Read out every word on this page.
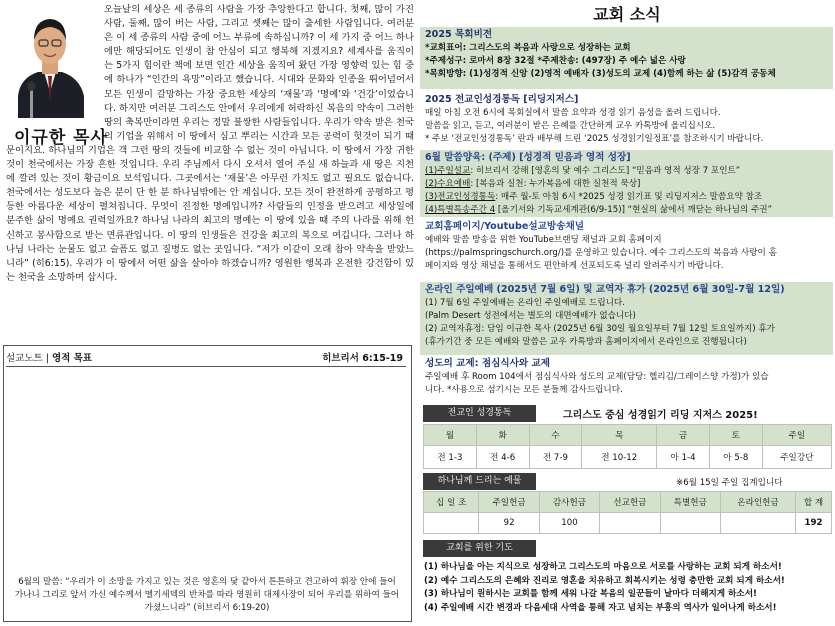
오늘날의 세상은 세 종류의 사람을 가장 추앙한다고 합니다. 첫째, 많이 가진 사람, 둘째, 많이 버는 사람, 그리고 셋째는 많이 출세한 사람입니다. 여러분은 이 세 종류의 사람 중에 어느 부류에 속하십니까? 이 세 가지 중 어느 하나에만 해당되어도 인생이 참 안심이 되고 행복해 지겠지요? 세계사를 움직이는 5가지 힘이란 책에 보면 인간 세상을 움직여 왔던 가장 영향력 있는 힘 중에 하나가 “인간의 욕망”이라고 했습니다. 시대와 문화와 인종을 뛰어넘어서 모든 인생이 갈망하는 가장 중요한 세상의 ‘재물’과 ‘명예’와 ‘건강’이었습니다. 하지만 여러분 그리스도 안에서 우리에게 허락하신 복음의 약속이 그러한 땅의 축복만이라면 우리는 정말 불쌍한 사람들입니다. 우리가 약속 받은 천국의 기업을 위해서 이 땅에서 심고 뿌리는 시간과 모든 공력이 헛것이 되기 때문이지요. 하나님의 기업은 객 그런 땅의 것들에 비교할 수 없는 것이 아닙니다. 이 땅에서 가장 귀한 것이 천국에서는 가장 흔한 것입니다. 우리 주님께서 다시 오셔서 열어 주실 새 하늘과 새 땅은 지천에 깔려 있는 것이 황금이요 보석입니다. 그곳에서는 ‘재물’은 아무런 가치도 없고 필요도 없습니다. 천국에서는 성도보다 높은 분이 단 한 분 하나님밖에는 안 계십니다. 모든 것이 완전하게 공평하고 평등한 아름다운 세상이 펼쳐집니다. 무엇이 진정한 명예입니까? 사람들의 인정을 받으려고 세상일에 분주한 삶이 명예요 권력일까요? 하나님 나라의 최고의 명예는 이 땅에 있을 때 주의 나라를 위해 헌신하고 봉사함으로 받는 면류관입니다. 이 땅의 인생들은 건강을 최고의 복으로 여깁니다. 그러나 하나님 나라는 눈물도 없고 슬픔도 없고 질병도 없는 곳입니다. “저가 이같이 오래 참아 약속을 받았느니라” (히6:15). 우리가 이 땅에서 어떤 삶을 살아야 하겠습니까? 영원한 행복과 온전한 강건함이 있는 천국을 소망하며 삽시다.
이규한 목사
설교노트 | 영적 목표	히브리서 6:15-19
6월의 말씀: “우리가 이 소망을 가지고 있는 것은 영혼의 닻 같아서 튼튼하고 견고하여 휘장 안에 들어 가나니 그리로 앞서 가신 예수께서 멜기세덱의 반차를 따라 영원히 대제사장이 되어 우리를 위하여 들어 가셨느니라” (히브리서 6:19-20)
교회 소식
2025 목회비전
*교회표어: 그리스도의 복음과 사랑으로 성장하는 교회
*주제성구: 로마서 8장 32절 *주제찬송: (497장) 주 예수 넓은 사랑
*목회방향: (1)성경적 신앙 (2)영적 예배자 (3)성도의 교제 (4)함께 하는 삶 (5)감격 공동체
2025 전교인성경통독 [리딩지저스]
매일 아침 오전 6시에 목회실에서 말씀 요약과 성경 읽기 음성을 올려 드립니다.
말씀을 읽고, 듣고, 여러분이 받은 은혜를 간단하게 교우 카톡방에 올리십시오.
* 주보 ‘전교인성경통독’ 란과 배부해 드린 ‘2025 성경읽기일정표’를 참조하시기 바랍니다.
6월 말씀양육: (주제) [성경적 믿음과 영적 성장]
(1)주일설교: 히브리서 강해 [영혼의 닻 예수 그리스도] “믿음과 영적 성장 7 포인트”
(2)수요예배: [복음과 실천: 누가복음에 대한 실천적 묵상]
(3)전교인성경통독: 매주 월-토 아침 6시 *2025 성경 읽기표 및 리딩지저스 말씀요약 참조
(4)특별특송주간 4 [올기서와 기독교세계관(6/9-15)] “현실의 삶에서 깨닫는 하나님의 주권”
교회홈페이지/Youtube설교방송채널
예배와 말씀 방송을 위한 YouTube브랜딩 채널과 교회 홈페이지
(https://palmspringschurch.org/)를 운영하고 있습니다. 예수 그리스도의 복음과 사랑이 홈
페이지와 영상 채널을 통해서도 편안하게 선포되도록 널리 알려주시기 바랍니다.
온라인 주일예배 (2025년 7월 6일) 및 교역자 휴가 (2025년 6월 30일-7월 12일)
(1) 7월 6일 주일예배는 온라인 주일예배로 드립니다.
(Palm Desert 성전에서는 별도의 대면예배가 없습니다)
(2) 교역자휴정: 담임 이규한 목사 (2025년 6월 30일 월요일부터 7월 12일 토요일까지) 휴가
(휴가기간 중 모든 예배와 말씀은 교우 카톡방과 홈페이지에서 온라인으로 진행됩니다)
성도의 교제: 점심식사와 교제
주일예배 후 Room 104에서 점심식사와 성도의 교제(담당: 헬리김/그레이스양 가정)가 있습
니다. *사용으로 섬기시는 모든 분들께 감사드립니다.
전교인 성경통독	그리스도 중심 성경읽기 리딩 지저스 2025!
월	화	수	목	금	토	주일
전 1-3	전 4-6	전 7-9	전 10-12	아 1-4	아 5-8	주일강단
하나님께 드리는 예물	※6월 15일 주일 집계입니다
십 일 조	주일헌금	감사헌금	선교헌금	특별헌금	온라인헌금	합 계
	92	100				192
교회를 위한 기도
(1) 하나님을 아는 지식으로 성장하고 그리스도의 마음으로 서로를 사랑하는 교회 되게 하소서!
(2) 예수 그리스도의 은혜와 진리로 영혼을 치유하고 회복시키는 성령 충만한 교회 되게 하소서!
(3) 하나님이 원하시는 교회를 함께 세워 나갈 복음의 일꾼들이 날마다 더해지게 하소서!
(4) 주일예배 시간 변경과 다음세대 사역을 통해 자고 넘치는 부흥의 역사가 일어나게 하소서!
